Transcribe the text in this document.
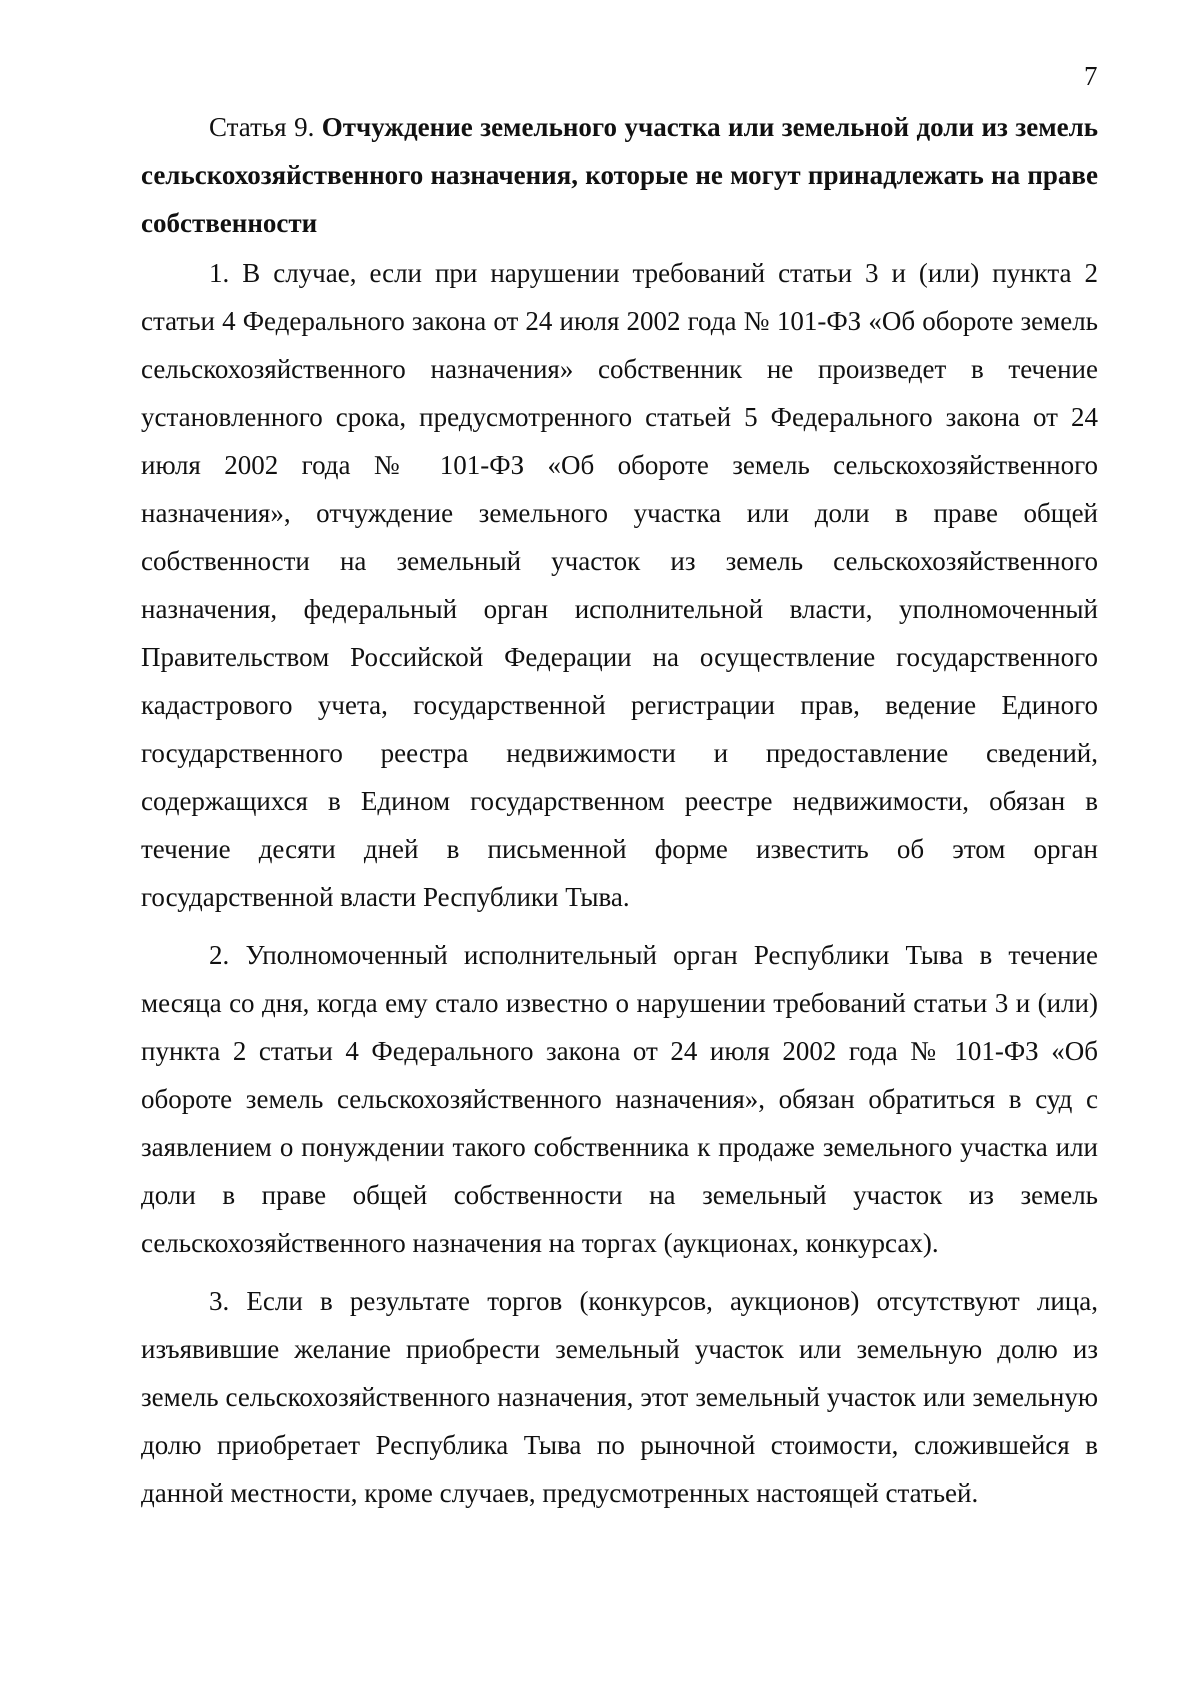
7

Статья 9. Отчуждение земельного участка или земельной доли из земель сельскохозяйственного назначения, которые не могут принадлежать на праве собственности

1. В случае, если при нарушении требований статьи 3 и (или) пункта 2 статьи 4 Федерального закона от 24 июля 2002 года № 101-ФЗ «Об обороте земель сельскохозяйственного назначения» собственник не произведет в течение установленного срока, предусмотренного статьей 5 Федерального закона от 24 июля 2002 года № 101-ФЗ «Об обороте земель сельскохозяйственного назначения», отчуждение земельного участка или доли в праве общей собственности на земельный участок из земель сельскохозяйственного назначения, федеральный орган исполнительной власти, уполномоченный Правительством Российской Федерации на осуществление государственного кадастрового учета, государственной регистрации прав, ведение Единого государственного реестра недвижимости и предоставление сведений, содержащихся в Едином государственном реестре недвижимости, обязан в течение десяти дней в письменной форме известить об этом орган государственной власти Республики Тыва.

2. Уполномоченный исполнительный орган Республики Тыва в течение месяца со дня, когда ему стало известно о нарушении требований статьи 3 и (или) пункта 2 статьи 4 Федерального закона от 24 июля 2002 года № 101-ФЗ «Об обороте земель сельскохозяйственного назначения», обязан обратиться в суд с заявлением о понуждении такого собственника к продаже земельного участка или доли в праве общей собственности на земельный участок из земель сельскохозяйственного назначения на торгах (аукционах, конкурсах).

3. Если в результате торгов (конкурсов, аукционов) отсутствуют лица, изъявившие желание приобрести земельный участок или земельную долю из земель сельскохозяйственного назначения, этот земельный участок или земельную долю приобретает Республика Тыва по рыночной стоимости, сложившейся в данной местности, кроме случаев, предусмотренных настоящей статьей.
